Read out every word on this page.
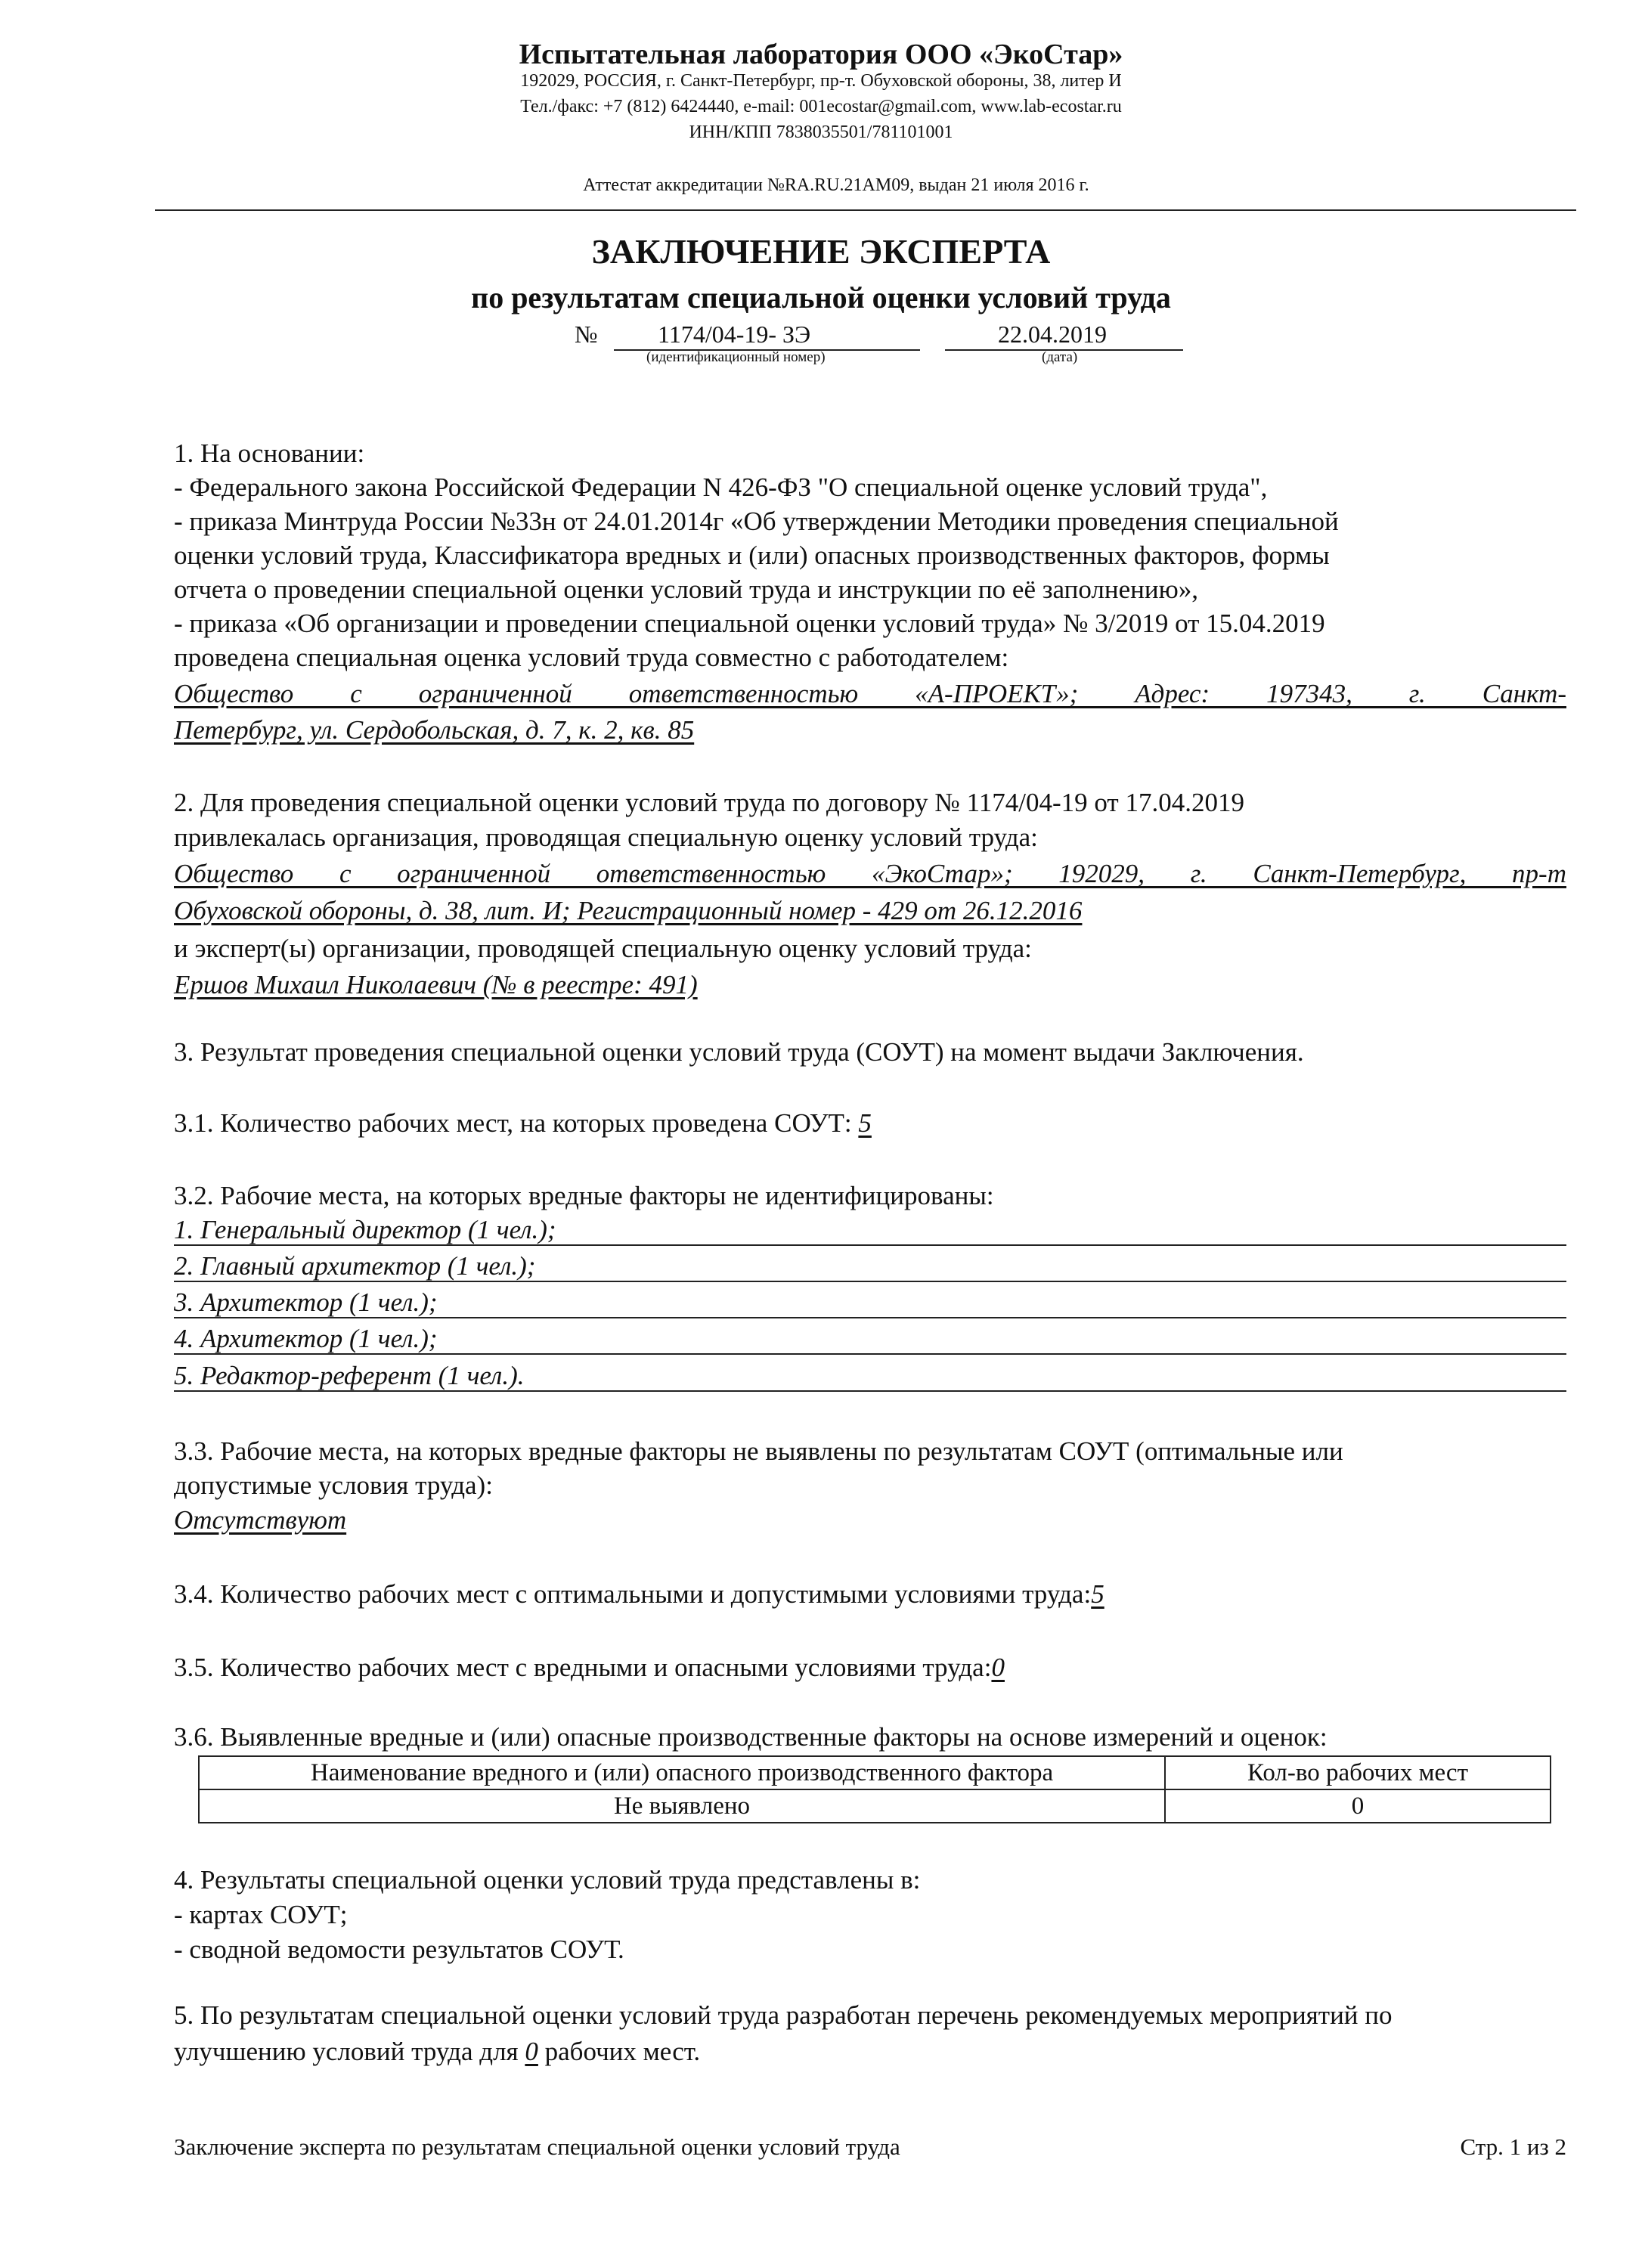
Испытательная лаборатория ООО «ЭкоСтар»
192029, РОССИЯ, г. Санкт-Петербург, пр-т. Обуховской обороны, 38, литер И
Тел./факс: +7 (812) 6424440, e-mail: 001ecostar@gmail.com, www.lab-ecostar.ru
ИНН/КПП 7838035501/781101001
Аттестат аккредитации №RA.RU.21AM09, выдан 21 июля 2016 г.
ЗАКЛЮЧЕНИЕ ЭКСПЕРТА
по результатам специальной оценки условий труда
№ 1174/04-19- ЗЭ
(идентификационный номер)
22.04.2019
(дата)
1. На основании:
- Федерального закона Российской Федерации N 426-ФЗ "О специальной оценке условий труда",
- приказа Минтруда России №33н от 24.01.2014г «Об утверждении Методики проведения специальной
оценки условий труда, Классификатора вредных и (или) опасных производственных факторов, формы
отчета о проведении специальной оценки условий труда и инструкции по её заполнению»,
- приказа «Об организации и проведении специальной оценки условий труда» № 3/2019 от 15.04.2019
проведена специальная оценка условий труда совместно с работодателем:
Общество с ограниченной ответственностью «А-ПРОЕКТ»; Адрес: 197343, г. Санкт-
Петербург, ул. Сердобольская, д. 7, к. 2, кв. 85
2. Для проведения специальной оценки условий труда по договору № 1174/04-19 от 17.04.2019
привлекалась организация, проводящая специальную оценку условий труда:
Общество с ограниченной ответственностью «ЭкоСтар»; 192029, г. Санкт-Петербург, пр-т
Обуховской обороны, д. 38, лит. И; Регистрационный номер - 429 от 26.12.2016
и эксперт(ы) организации, проводящей специальную оценку условий труда:
Ершов Михаил Николаевич (№ в реестре: 491)
3. Результат проведения специальной оценки условий труда (СОУТ) на момент выдачи Заключения.
3.1. Количество рабочих мест, на которых проведена СОУТ: 5
3.2. Рабочие места, на которых вредные факторы не идентифицированы:
1. Генеральный директор (1 чел.);
2. Главный архитектор (1 чел.);
3. Архитектор (1 чел.);
4. Архитектор (1 чел.);
5. Редактор-референт (1 чел.).
3.3. Рабочие места, на которых вредные факторы не выявлены по результатам СОУТ (оптимальные или
допустимые условия труда):
Отсутствуют
3.4. Количество рабочих мест с оптимальными и допустимыми условиями труда:5
3.5. Количество рабочих мест с вредными и опасными условиями труда:0
3.6. Выявленные вредные и (или) опасные производственные факторы на основе измерений и оценок:
Наименование вредного и (или) опасного производственного фактора	Кол-во рабочих мест
Не выявлено	0
4. Результаты специальной оценки условий труда представлены в:
- картах СОУТ;
- сводной ведомости результатов СОУТ.
5. По результатам специальной оценки условий труда разработан перечень рекомендуемых мероприятий по
улучшению условий труда для 0 рабочих мест.
Заключение эксперта по результатам специальной оценки условий труда	Стр. 1 из 2
